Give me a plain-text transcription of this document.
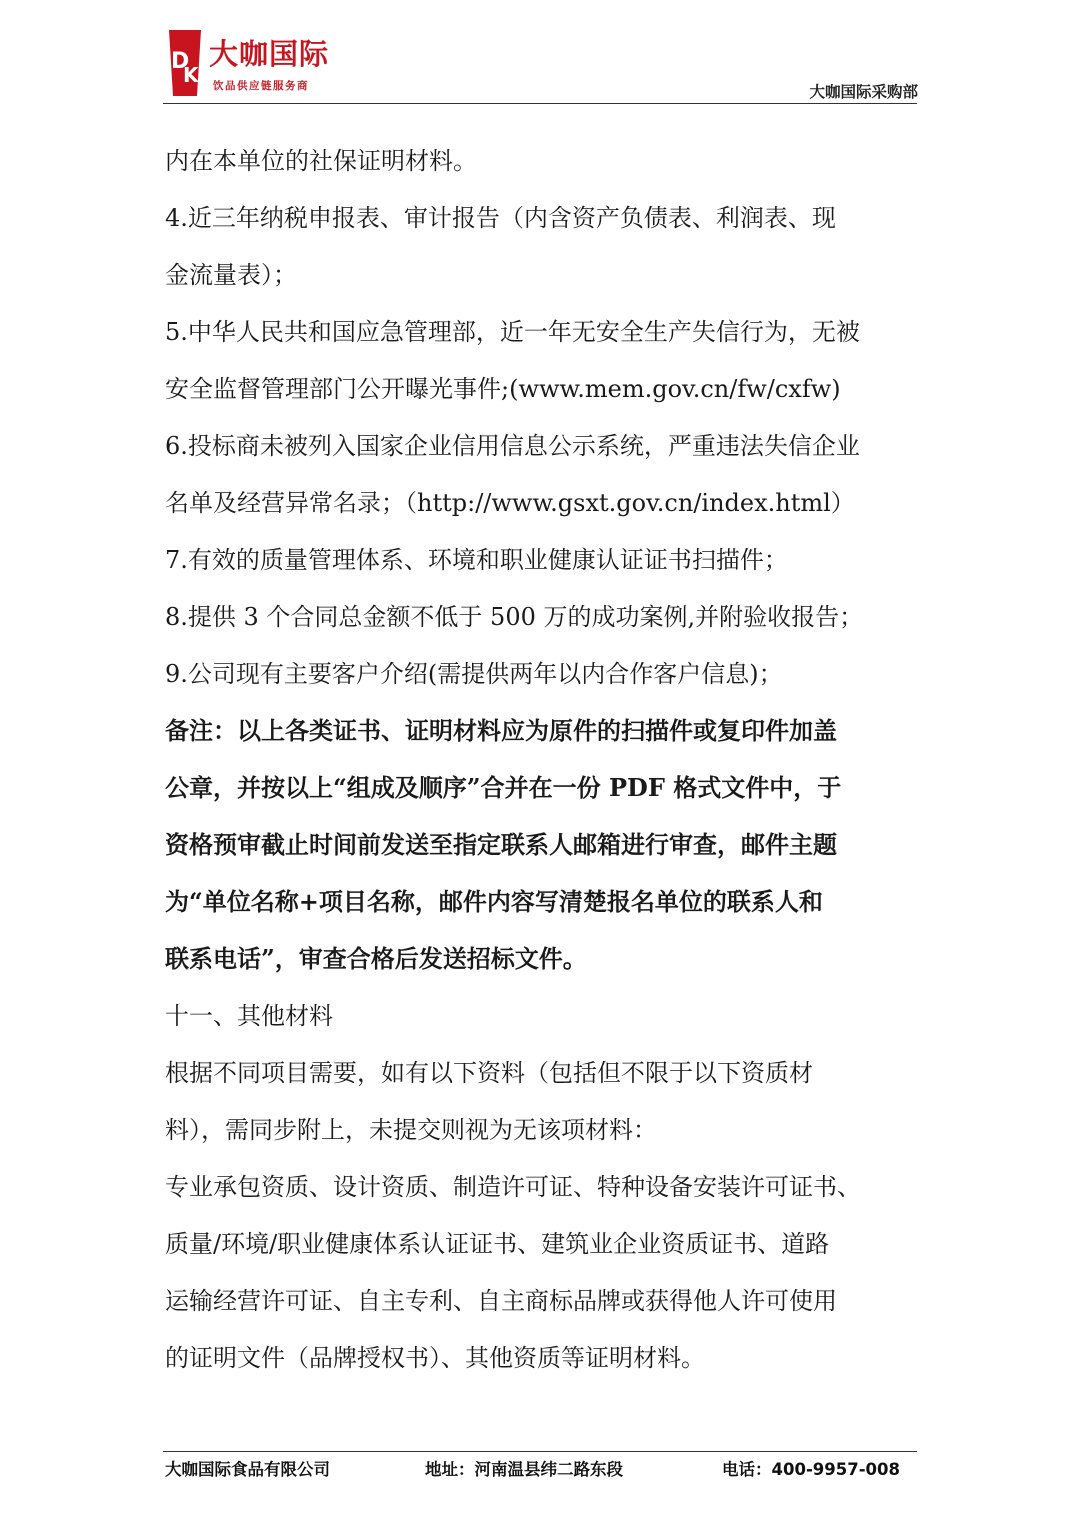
D
K
大咖国际
饮品供应链服务商	大咖国际采购部
内在本单位的社保证明材料。
4.近三年纳税申报表、审计报告（内含资产负债表、利润表、现
金流量表）；
5.中华人民共和国应急管理部，近一年无安全生产失信行为，无被
安全监督管理部门公开曝光事件;(www.mem.gov.cn/fw/cxfw)
6.投标商未被列入国家企业信用信息公示系统，严重违法失信企业
名单及经营异常名录；（http://www.gsxt.gov.cn/index.html）
7.有效的质量管理体系、环境和职业健康认证证书扫描件；
8.提供 3 个合同总金额不低于 500 万的成功案例,并附验收报告；
9.公司现有主要客户介绍(需提供两年以内合作客户信息)；
备注：以上各类证书、证明材料应为原件的扫描件或复印件加盖
公章，并按以上“组成及顺序”合并在一份 PDF 格式文件中，于
资格预审截止时间前发送至指定联系人邮箱进行审查，邮件主题
为“单位名称+项目名称，邮件内容写清楚报名单位的联系人和
联系电话”，审查合格后发送招标文件。
十一、其他材料
根据不同项目需要，如有以下资料（包括但不限于以下资质材
料），需同步附上，未提交则视为无该项材料：
专业承包资质、设计资质、制造许可证、特种设备安装许可证书、
质量/环境/职业健康体系认证证书、建筑业企业资质证书、道路
运输经营许可证、自主专利、自主商标品牌或获得他人许可使用
的证明文件（品牌授权书）、其他资质等证明材料。
大咖国际食品有限公司	地址：河南温县纬二路东段	电话：400-9957-008
